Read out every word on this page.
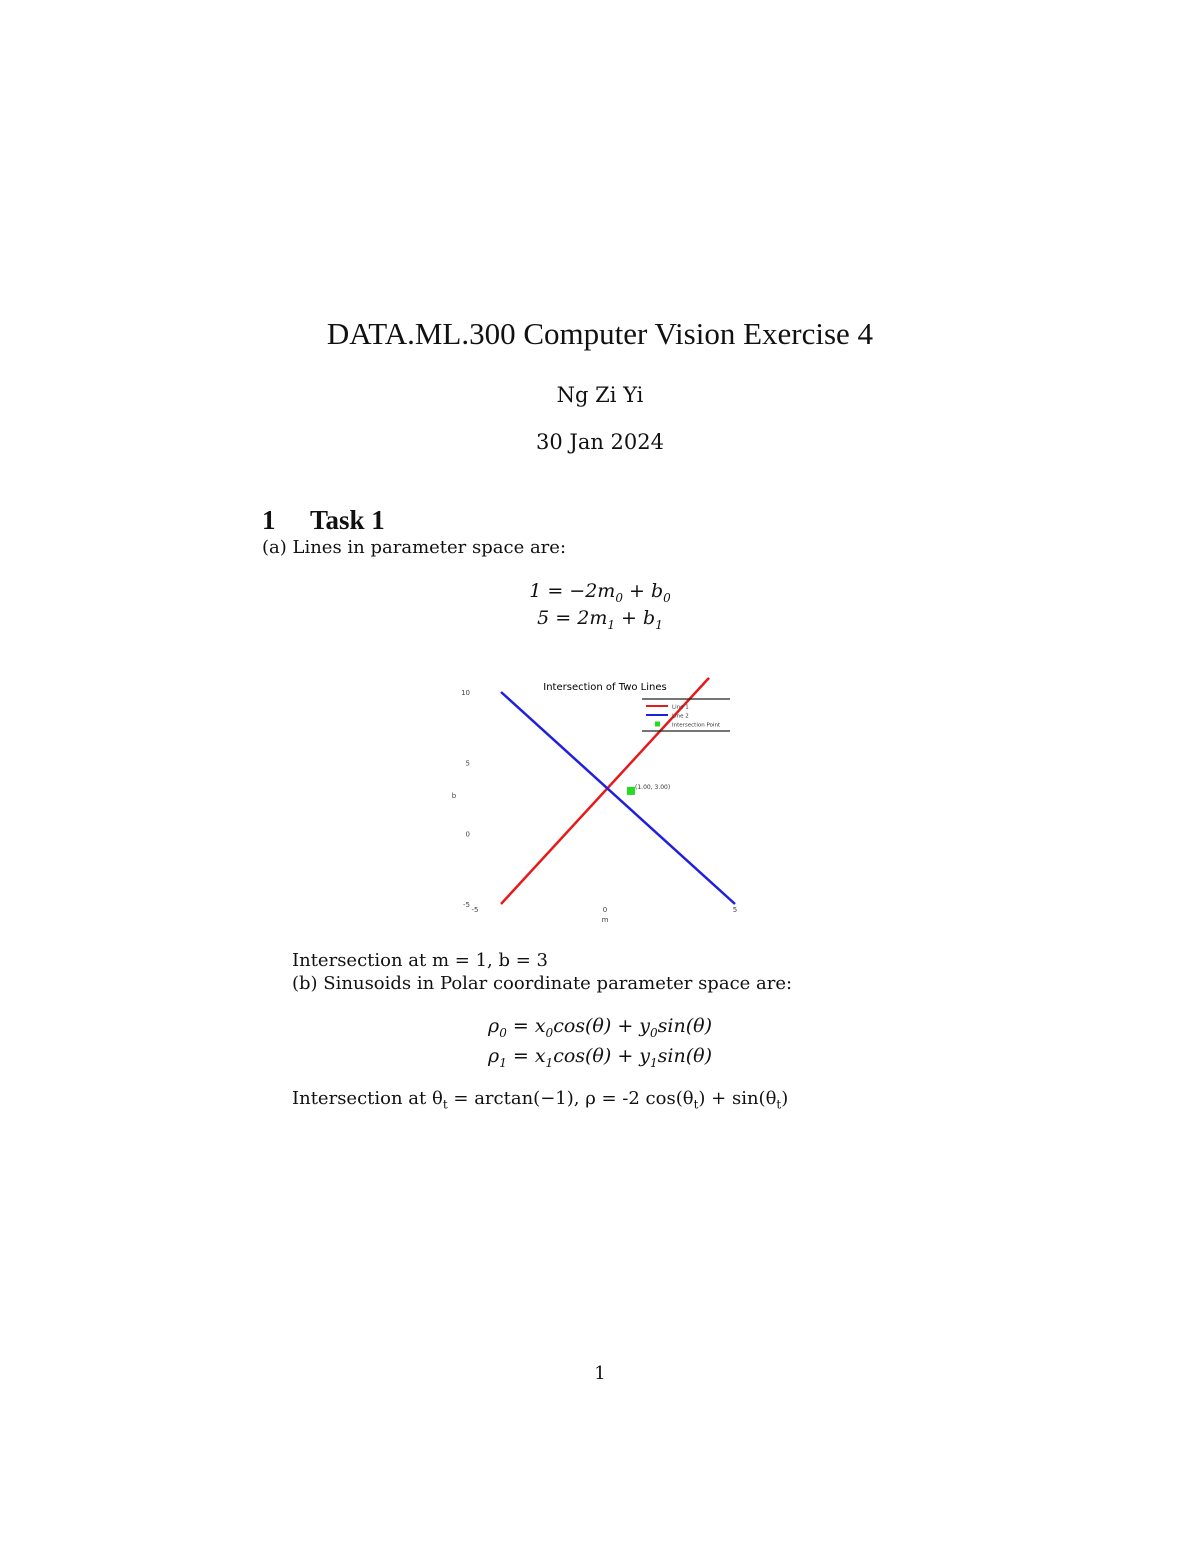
DATA.ML.300 Computer Vision Exercise 4
Ng Zi Yi
30 Jan 2024
1 Task 1
(a) Lines in parameter space are:
$1 = -2m_0 + b_0$
$5 = 2m_1 + b_1$
Intersection of Two Lines
10
5
0
-5
-5	0	5
m
b
(1.00, 3.00)
Line 1
Line 2
Intersection Point
Intersection at m = 1, b = 3
(b) Sinusoids in Polar coordinate parameter space are:
$\rho_0 = x_0\cos(\theta) + y_0\sin(\theta)$
$\rho_1 = x_1\cos(\theta) + y_1\sin(\theta)$
Intersection at $\theta_t = \arctan(-1)$, ρ = -2 $\cos(\theta_t) + \sin(\theta_t)$
1
